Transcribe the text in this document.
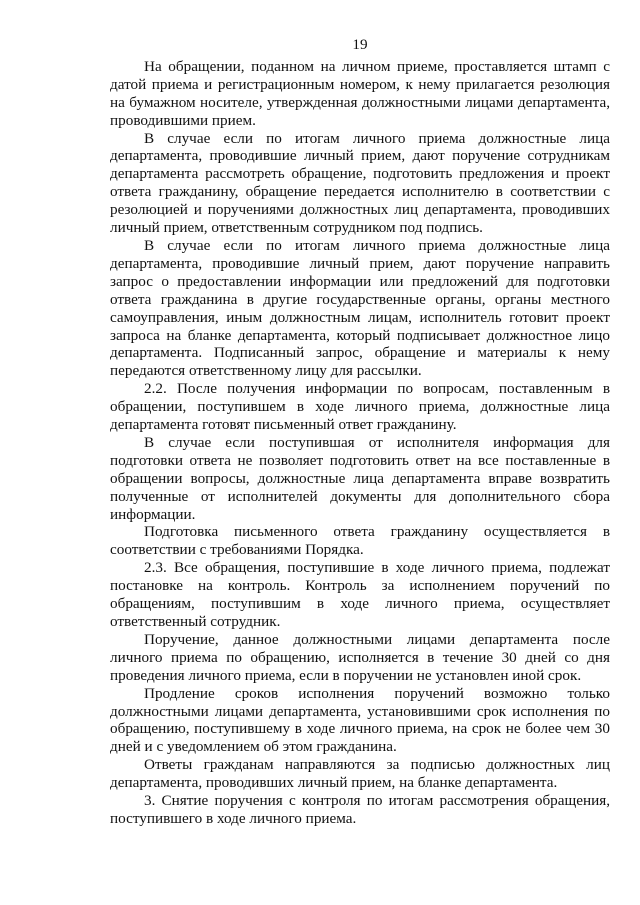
19

На обращении, поданном на личном приеме, проставляется штамп с датой приема и регистрационным номером, к нему прилагается резолюция на бумажном носителе, утвержденная должностными лицами департамента, проводившими прием.

В случае если по итогам личного приема должностные лица департамента, проводившие личный прием, дают поручение сотрудникам департамента рассмотреть обращение, подготовить предложения и проект ответа гражданину, обращение передается исполнителю в соответствии с резолюцией и поручениями должностных лиц департамента, проводивших личный прием, ответственным сотрудником под подпись.

В случае если по итогам личного приема должностные лица департамента, проводившие личный прием, дают поручение направить запрос о предоставлении информации или предложений для подготовки ответа гражданина в другие государственные органы, органы местного самоуправления, иным должностным лицам, исполнитель готовит проект запроса на бланке департамента, который подписывает должностное лицо департамента. Подписанный запрос, обращение и материалы к нему передаются ответственному лицу для рассылки.

2.2. После получения информации по вопросам, поставленным в обращении, поступившем в ходе личного приема, должностные лица департамента готовят письменный ответ гражданину.

В случае если поступившая от исполнителя информация для подготовки ответа не позволяет подготовить ответ на все поставленные в обращении вопросы, должностные лица департамента вправе возвратить полученные от исполнителей документы для дополнительного сбора информации.

Подготовка письменного ответа гражданину осуществляется в соответствии с требованиями Порядка.

2.3. Все обращения, поступившие в ходе личного приема, подлежат постановке на контроль. Контроль за исполнением поручений по обращениям, поступившим в ходе личного приема, осуществляет ответственный сотрудник.

Поручение, данное должностными лицами департамента после личного приема по обращению, исполняется в течение 30 дней со дня проведения личного приема, если в поручении не установлен иной срок.

Продление сроков исполнения поручений возможно только должностными лицами департамента, установившими срок исполнения по обращению, поступившему в ходе личного приема, на срок не более чем 30 дней и с уведомлением об этом гражданина.

Ответы гражданам направляются за подписью должностных лиц департамента, проводивших личный прием, на бланке департамента.

3. Снятие поручения с контроля по итогам рассмотрения обращения, поступившего в ходе личного приема.
